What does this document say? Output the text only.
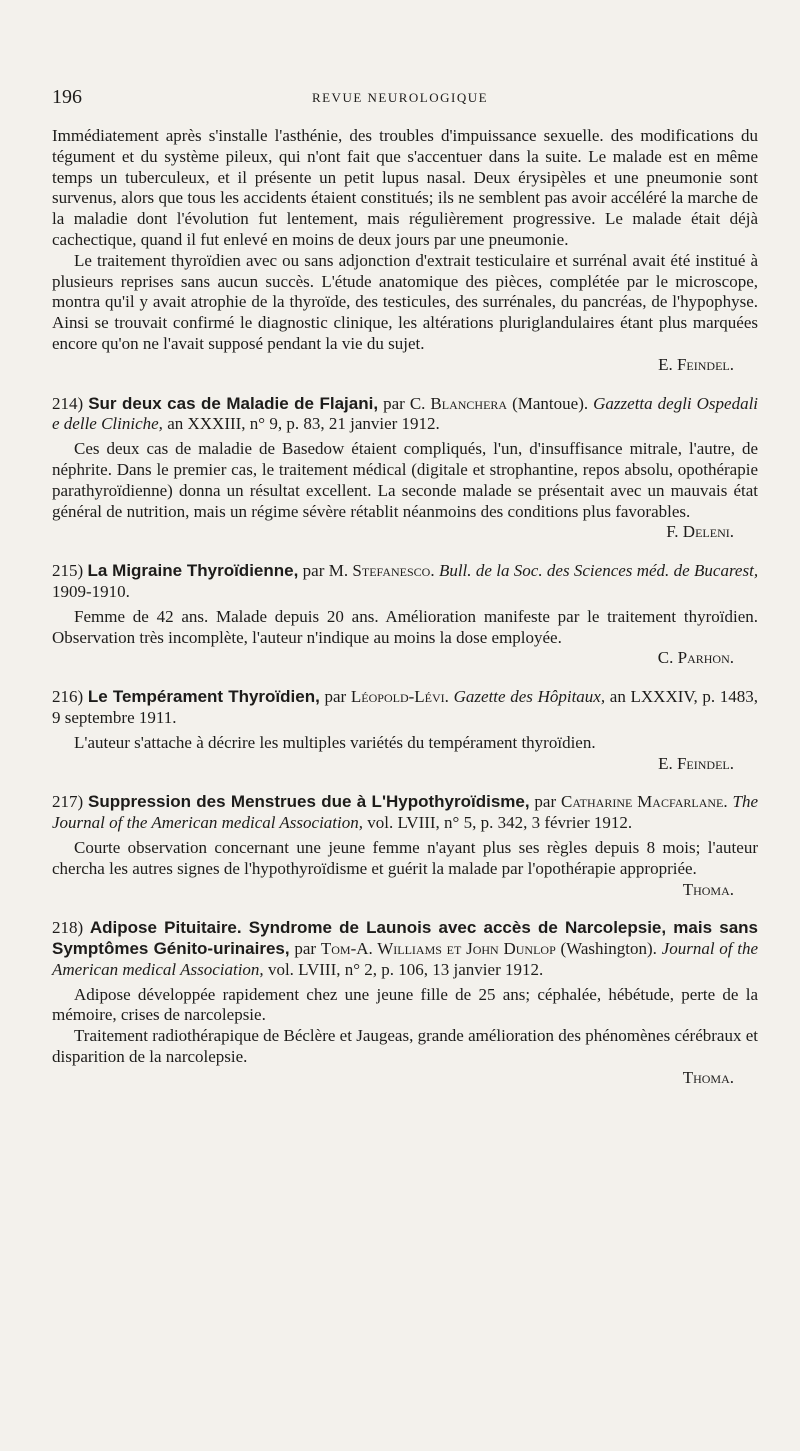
196	REVUE NEUROLOGIQUE

Immédiatement après s'installe l'asthénie, des troubles d'impuissance sexuelle. des modifications du tégument et du système pileux, qui n'ont fait que s'accentuer dans la suite. Le malade est en même temps un tuberculeux, et il présente un petit lupus nasal. Deux érysipèles et une pneumonie sont survenus, alors que tous les accidents étaient constitués; ils ne semblent pas avoir accéléré la marche de la maladie dont l'évolution fut lentement, mais régulièrement progressive. Le malade était déjà cachectique, quand il fut enlevé en moins de deux jours par une pneumonie.

Le traitement thyroïdien avec ou sans adjonction d'extrait testiculaire et surrénal avait été institué à plusieurs reprises sans aucun succès. L'étude anatomique des pièces, complétée par le microscope, montra qu'il y avait atrophie de la thyroïde, des testicules, des surrénales, du pancréas, de l'hypophyse. Ainsi se trouvait confirmé le diagnostic clinique, les altérations pluriglandulaires étant plus marquées encore qu'on ne l'avait supposé pendant la vie du sujet.

E. Feindel.
214) Sur deux cas de Maladie de Flajani, par C. Blanchera (Mantoue). Gazzetta degli Ospedali e delle Cliniche, an XXXIII, n° 9, p. 83, 21 janvier 1912.

Ces deux cas de maladie de Basedow étaient compliqués, l'un, d'insuffisance mitrale, l'autre, de néphrite. Dans le premier cas, le traitement médical (digitale et strophantine, repos absolu, opothérapie parathyroïdienne) donna un résultat excellent. La seconde malade se présentait avec un mauvais état général de nutrition, mais un régime sévère rétablit néanmoins des conditions plus favorables.

F. Deleni.
215) La Migraine Thyroïdienne, par M. Stefanesco. Bull. de la Soc. des Sciences méd. de Bucarest, 1909-1910.

Femme de 42 ans. Malade depuis 20 ans. Amélioration manifeste par le traitement thyroïdien. Observation très incomplète, l'auteur n'indique au moins la dose employée.

C. Parhon.
216) Le Tempérament Thyroïdien, par Léopold-Lévi. Gazette des Hôpitaux, an LXXXIV, p. 1483, 9 septembre 1911.

L'auteur s'attache à décrire les multiples variétés du tempérament thyroïdien.

E. Feindel.
217) Suppression des Menstrues due à L'Hypothyroïdisme, par Catharine Macfarlane. The Journal of the American medical Association, vol. LVIII, n° 5, p. 342, 3 février 1912.

Courte observation concernant une jeune femme n'ayant plus ses règles depuis 8 mois; l'auteur chercha les autres signes de l'hypothyroïdisme et guérit la malade par l'opothérapie appropriée.

Thoma.
218) Adipose Pituitaire. Syndrome de Launois avec accès de Narcolepsie, mais sans Symptômes Génito-urinaires, par Tom-A. Williams et John Dunlop (Washington). Journal of the American medical Association, vol. LVIII, n° 2, p. 106, 13 janvier 1912.

Adipose développée rapidement chez une jeune fille de 25 ans; céphalée, hébétude, perte de la mémoire, crises de narcolepsie.

Traitement radiothérapique de Béclère et Jaugeas, grande amélioration des phénomènes cérébraux et disparition de la narcolepsie.

Thoma.
